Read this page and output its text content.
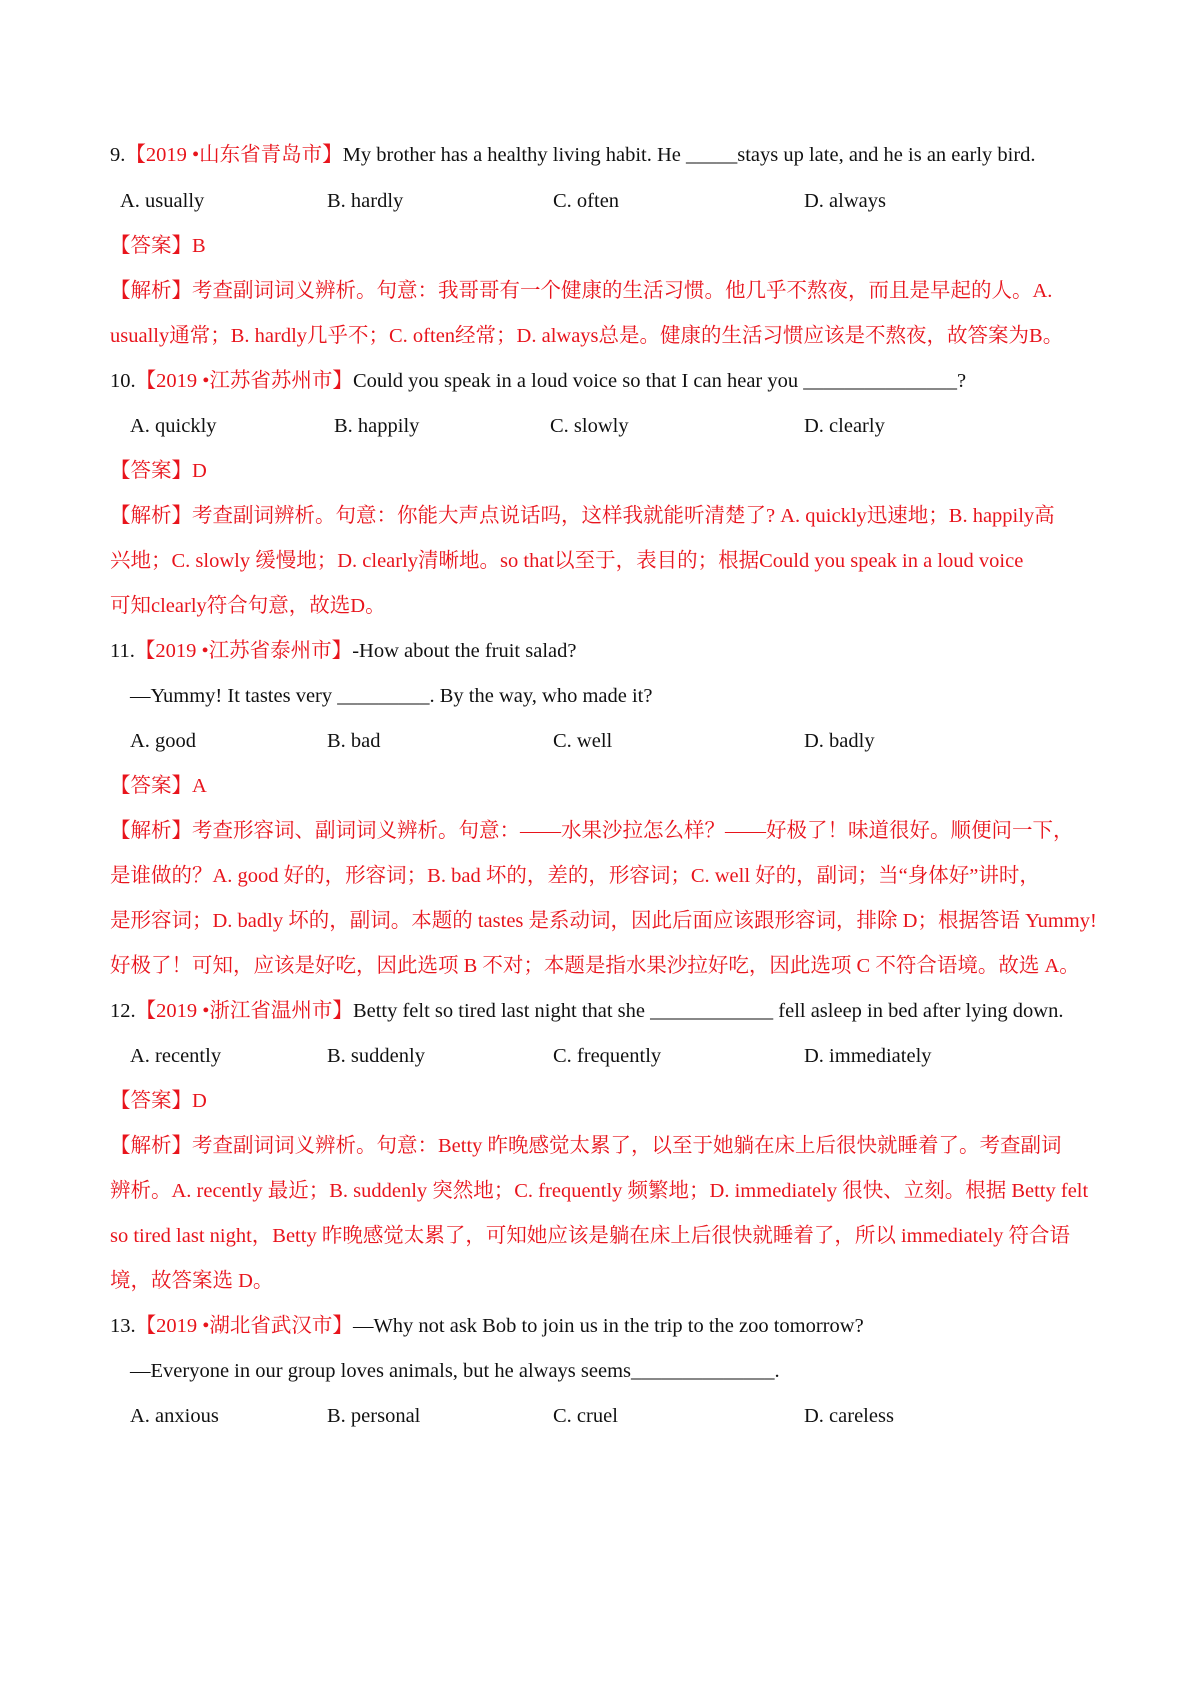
9.【2019 •山东省青岛市】My brother has a healthy living habit. He _____stays up late, and he is an early bird.
A. usually	B. hardly	C. often	D. always
【答案】B
【解析】考查副词词义辨析。句意：我哥哥有一个健康的生活习惯。他几乎不熬夜，而且是早起的人。A.
usually通常；B. hardly几乎不；C. often经常；D. always总是。健康的生活习惯应该是不熬夜，故答案为B。
10.【2019 •江苏省苏州市】Could you speak in a loud voice so that I can hear you _______________?
A. quickly	B. happily	C. slowly	D. clearly
【答案】D
【解析】考查副词辨析。句意：你能大声点说话吗，这样我就能听清楚了? A. quickly迅速地；B. happily高
兴地；C. slowly 缓慢地；D. clearly清晰地。so that以至于，表目的；根据Could you speak in a loud voice
可知clearly符合句意，故选D。
11.【2019 •江苏省泰州市】-How about the fruit salad?
—Yummy! It tastes very _________. By the way, who made it?
A. good	B. bad	C. well	D. badly
【答案】A
【解析】考查形容词、副词词义辨析。句意：——水果沙拉怎么样？——好极了！味道很好。顺便问一下，
是谁做的？A. good 好的，形容词；B. bad 坏的，差的，形容词；C. well 好的，副词；当“身体好”讲时，
是形容词；D. badly 坏的，副词。本题的 tastes 是系动词，因此后面应该跟形容词，排除 D；根据答语 Yummy!
好极了！可知，应该是好吃，因此选项 B 不对；本题是指水果沙拉好吃，因此选项 C 不符合语境。故选 A。
12.【2019 •浙江省温州市】Betty felt so tired last night that she ____________ fell asleep in bed after lying down.
A. recently	B. suddenly	C. frequently	D. immediately
【答案】D
【解析】考查副词词义辨析。句意：Betty 昨晚感觉太累了，以至于她躺在床上后很快就睡着了。考查副词
辨析。A. recently 最近；B. suddenly 突然地；C. frequently 频繁地；D. immediately 很快、立刻。根据 Betty felt
so tired last night，Betty 昨晚感觉太累了，可知她应该是躺在床上后很快就睡着了，所以 immediately 符合语
境，故答案选 D。
13.【2019 •湖北省武汉市】—Why not ask Bob to join us in the trip to the zoo tomorrow?
—Everyone in our group loves animals, but he always seems______________.
A. anxious	B. personal	C. cruel	D. careless
